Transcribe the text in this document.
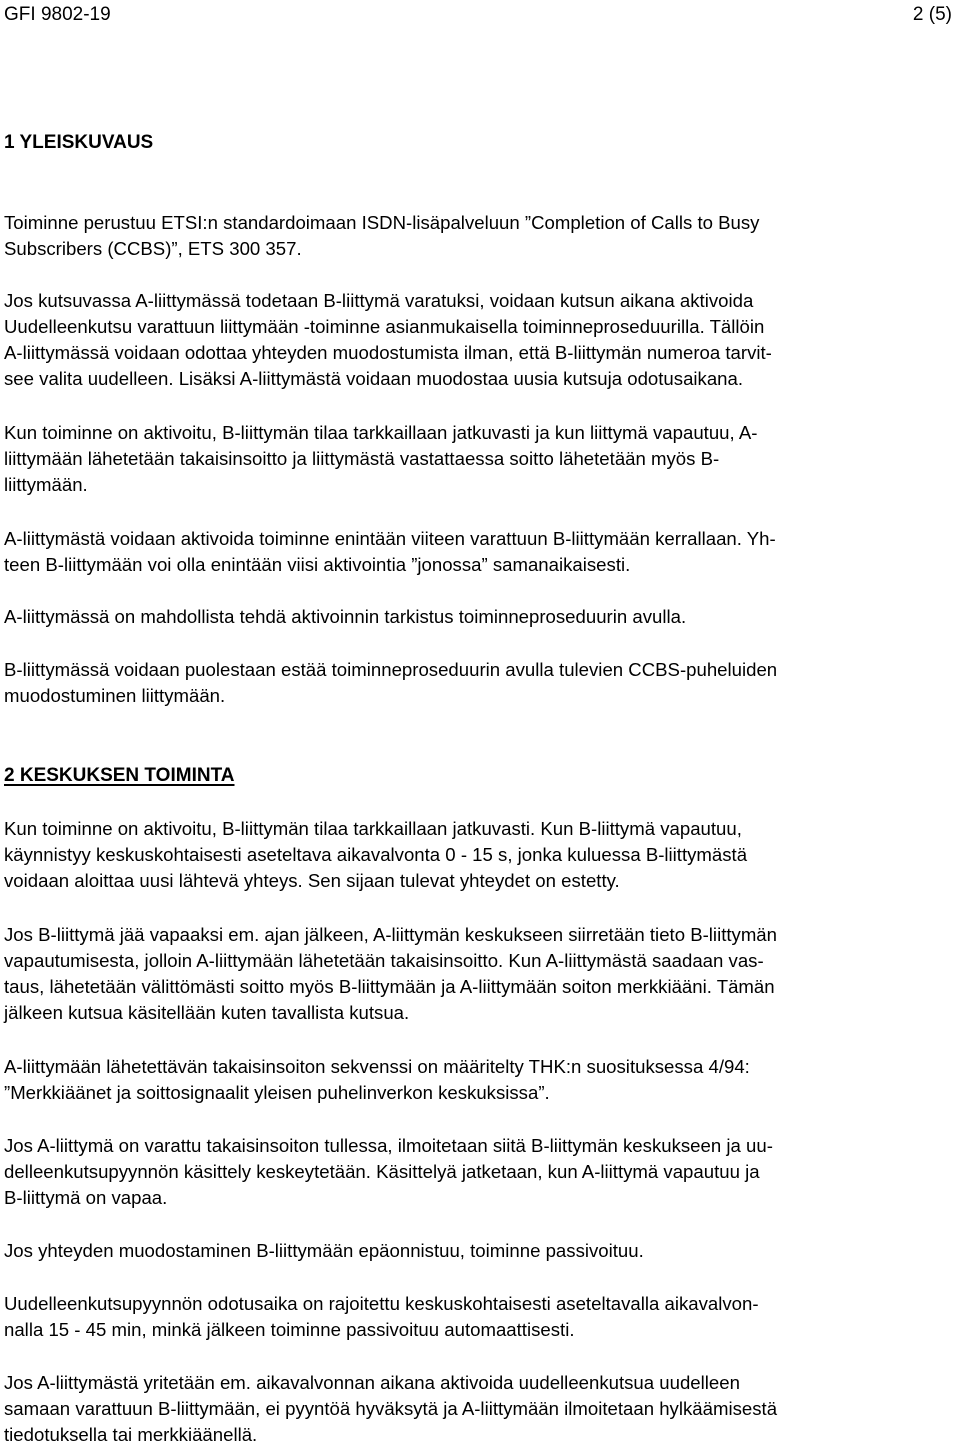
GFI 9802-19	2 (5)
1 YLEISKUVAUS
Toiminne perustuu ETSI:n standardoimaan ISDN-lisäpalveluun ”Completion of Calls to Busy
Subscribers (CCBS)”, ETS 300 357.
Jos kutsuvassa A-liittymässä todetaan B-liittymä varatuksi, voidaan kutsun aikana aktivoida
Uudelleenkutsu varattuun liittymään -toiminne asianmukaisella toiminneproseduurilla. Tällöin
A-liittymässä voidaan odottaa yhteyden muodostumista ilman, että B-liittymän numeroa tarvit-
see valita uudelleen. Lisäksi A-liittymästä voidaan muodostaa uusia kutsuja odotusaikana.
Kun toiminne on aktivoitu, B-liittymän tilaa tarkkaillaan jatkuvasti ja kun liittymä vapautuu, A-
liittymään lähetetään takaisinsoitto ja liittymästä vastattaessa soitto lähetetään myös B-
liittymään.
A-liittymästä voidaan aktivoida toiminne enintään viiteen varattuun B-liittymään kerrallaan. Yh-
teen B-liittymään voi olla enintään viisi aktivointia ”jonossa” samanaikaisesti.
A-liittymässä on mahdollista tehdä aktivoinnin tarkistus toiminneproseduurin avulla.
B-liittymässä voidaan puolestaan estää toiminneproseduurin avulla tulevien CCBS-puheluiden
muodostuminen liittymään.
2 KESKUKSEN TOIMINTA
Kun toiminne on aktivoitu, B-liittymän tilaa tarkkaillaan jatkuvasti. Kun B-liittymä vapautuu,
käynnistyy keskuskohtaisesti aseteltava aikavalvonta 0 - 15 s, jonka kuluessa B-liittymästä
voidaan aloittaa uusi lähtevä yhteys. Sen sijaan tulevat yhteydet on estetty.
Jos B-liittymä jää vapaaksi em. ajan jälkeen, A-liittymän keskukseen siirretään tieto B-liittymän
vapautumisesta, jolloin A-liittymään lähetetään takaisinsoitto. Kun A-liittymästä saadaan vas-
taus, lähetetään välittömästi soitto myös B-liittymään ja A-liittymään soiton merkkiääni. Tämän
jälkeen kutsua käsitellään kuten tavallista kutsua.
A-liittymään lähetettävän takaisinsoiton sekvenssi on määritelty THK:n suosituksessa 4/94:
”Merkkiäänet ja soittosignaalit yleisen puhelinverkon keskuksissa”.
Jos A-liittymä on varattu takaisinsoiton tullessa, ilmoitetaan siitä B-liittymän keskukseen ja uu-
delleenkutsupyynnön käsittely keskeytetään. Käsittelyä jatketaan, kun A-liittymä vapautuu ja
B-liittymä on vapaa.
Jos yhteyden muodostaminen B-liittymään epäonnistuu, toiminne passivoituu.
Uudelleenkutsupyynnön odotusaika on rajoitettu keskuskohtaisesti aseteltavalla aikavalvon-
nalla 15 - 45 min, minkä jälkeen toiminne passivoituu automaattisesti.
Jos A-liittymästä yritetään em. aikavalvonnan aikana aktivoida uudelleenkutsua uudelleen
samaan varattuun B-liittymään, ei pyyntöä hyväksytä ja A-liittymään ilmoitetaan hylkäämisestä
tiedotuksella tai merkkiäänellä.
